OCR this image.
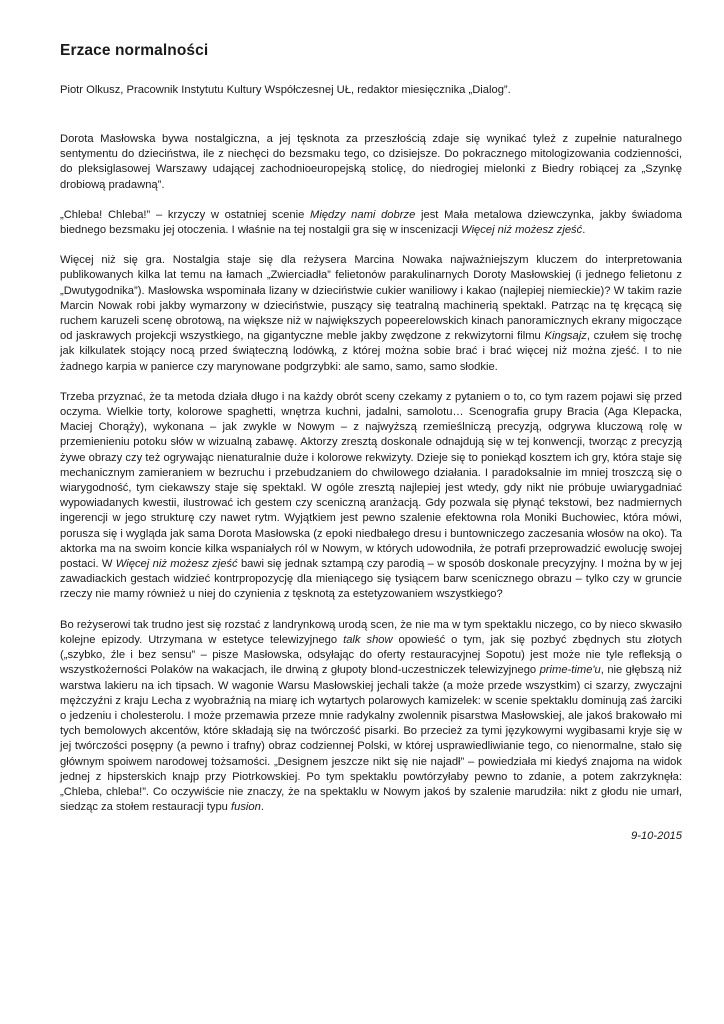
Erzace normalności
Piotr Olkusz, Pracownik Instytutu Kultury Współczesnej UŁ, redaktor miesięcznika „Dialog”.

Dorota Masłowska bywa nostalgiczna, a jej tęsknota za przeszłością zdaje się wynikać tyleż z zupełnie naturalnego sentymentu do dzieciństwa, ile z niechęci do bezsmaku tego, co dzisiejsze. Do pokracznego mitologizowania codzienności, do pleksiglasowej Warszawy udającej zachodnioeuropejską stolicę, do niedrogiej mielonki z Biedry robiącej za „Szynkę drobiową pradawną”.

„Chleba! Chleba!” – krzyczy w ostatniej scenie Między nami dobrze jest Mała metalowa dziewczynka, jakby świadoma biednego bezsmaku jej otoczenia. I właśnie na tej nostalgii gra się w inscenizacji Więcej niż możesz zjeść.

Więcej niż się gra. Nostalgia staje się dla reżysera Marcina Nowaka najważniejszym kluczem do interpretowania publikowanych kilka lat temu na łamach „Zwierciadła” felietonów parakulinarnych Doroty Masłowskiej (i jednego felietonu z „Dwutygodnika”). Masłowska wspominała lizany w dzieciństwie cukier waniliowy i kakao (najlepiej niemieckie)? W takim razie Marcin Nowak robi jakby wymarzony w dzieciństwie, puszący się teatralną machinerią spektakl. Patrząc na tę kręcącą się ruchem karuzeli scenę obrotową, na większe niż w największych popeerelowskich kinach panoramicznych ekrany migoczące od jaskrawych projekcji wszystkiego, na gigantyczne meble jakby zwędzone z rekwizytorni filmu Kingsajz, czułem się trochę jak kilkulatek stojący nocą przed świąteczną lodówką, z której można sobie brać i brać więcej niż można zjeść. I to nie żadnego karpia w panierce czy marynowane podgrzybki: ale samo, samo, samo słodkie.

Trzeba przyznać, że ta metoda działa długo i na każdy obrót sceny czekamy z pytaniem o to, co tym razem pojawi się przed oczyma. Wielkie torty, kolorowe spaghetti, wnętrza kuchni, jadalni, samolotu… Scenografia grupy Bracia (Aga Klepacka, Maciej Chorąży), wykonana – jak zwykle w Nowym – z najwyższą rzemieślniczą precyzją, odgrywa kluczową rolę w przemienieniu potoku słów w wizualną zabawę. Aktorzy zresztą doskonale odnajdują się w tej konwencji, tworząc z precyzją żywe obrazy czy też ogrywając nienaturalnie duże i kolorowe rekwizyty. Dzieje się to poniekąd kosztem ich gry, która staje się mechanicznym zamieraniem w bezruchu i przebudzaniem do chwilowego działania. I paradoksalnie im mniej troszczą się o wiarygodność, tym ciekawszy staje się spektakl. W ogóle zresztą najlepiej jest wtedy, gdy nikt nie próbuje uwiarygadniać wypowiadanych kwestii, ilustrować ich gestem czy sceniczną aranżacją. Gdy pozwala się płynąć tekstowi, bez nadmiernych ingerencji w jego strukturę czy nawet rytm. Wyjątkiem jest pewno szalenie efektowna rola Moniki Buchowiec, która mówi, porusza się i wygląda jak sama Dorota Masłowska (z epoki niedbałego dresu i buntowniczego zaczesania włosów na oko). Ta aktorka ma na swoim koncie kilka wspaniałych ról w Nowym, w których udowodniła, że potrafi przeprowadzić ewolucję swojej postaci. W Więcej niż możesz zjeść bawi się jednak sztampą czy parodią – w sposób doskonale precyzyjny. I można by w jej zawadiackich gestach widzieć kontrpropozycję dla mieniącego się tysiącem barw scenicznego obrazu – tylko czy w gruncie rzeczy nie mamy również u niej do czynienia z tęsknotą za estetyzowaniem wszystkiego?

Bo reżyserowi tak trudno jest się rozstać z landrynkową urodą scen, że nie ma w tym spektaklu niczego, co by nieco skwasiło kolejne epizody. Utrzymana w estetyce telewizyjnego talk show opowieść o tym, jak się pozbyć zbędnych stu złotych („szybko, źle i bez sensu” – pisze Masłowska, odsyłając do oferty restauracyjnej Sopotu) jest może nie tyle refleksją o wszystkoźerności Polaków na wakacjach, ile drwiną z głupoty blond-uczestniczek telewizyjnego prime-time'u, nie głębszą niż warstwa lakieru na ich tipsach. W wagonie Warsu Masłowskiej jechali także (a może przede wszystkim) ci szarzy, zwyczajni mężczyźni z kraju Lecha z wyobraźnią na miarę ich wytartych polarowych kamizelek: w scenie spektaklu dominują zaś żarciki o jedzeniu i cholesterolu. I może przemawia przeze mnie radykalny zwolennik pisarstwa Masłowskiej, ale jakoś brakowało mi tych bemolowych akcentów, które składają się na twórczość pisarki. Bo przecież za tymi językowymi wygibasami kryje się w jej twórczości posępny (a pewno i trafny) obraz codziennej Polski, w której usprawiedliwianie tego, co nienormalne, stało się głównym spoiwem narodowej tożsamości. „Designem jeszcze nikt się nie najadł” – powiedziała mi kiedyś znajoma na widok jednej z hipsterskich knajp przy Piotrkowskiej. Po tym spektaklu powtórzyłaby pewno to zdanie, a potem zakrzyknęła: „Chleba, chleba!”. Co oczywiście nie znaczy, że na spektaklu w Nowym jakoś by szalenie marudziła: nikt z głodu nie umarł, siedząc za stołem restauracji typu fusion.

9-10-2015
